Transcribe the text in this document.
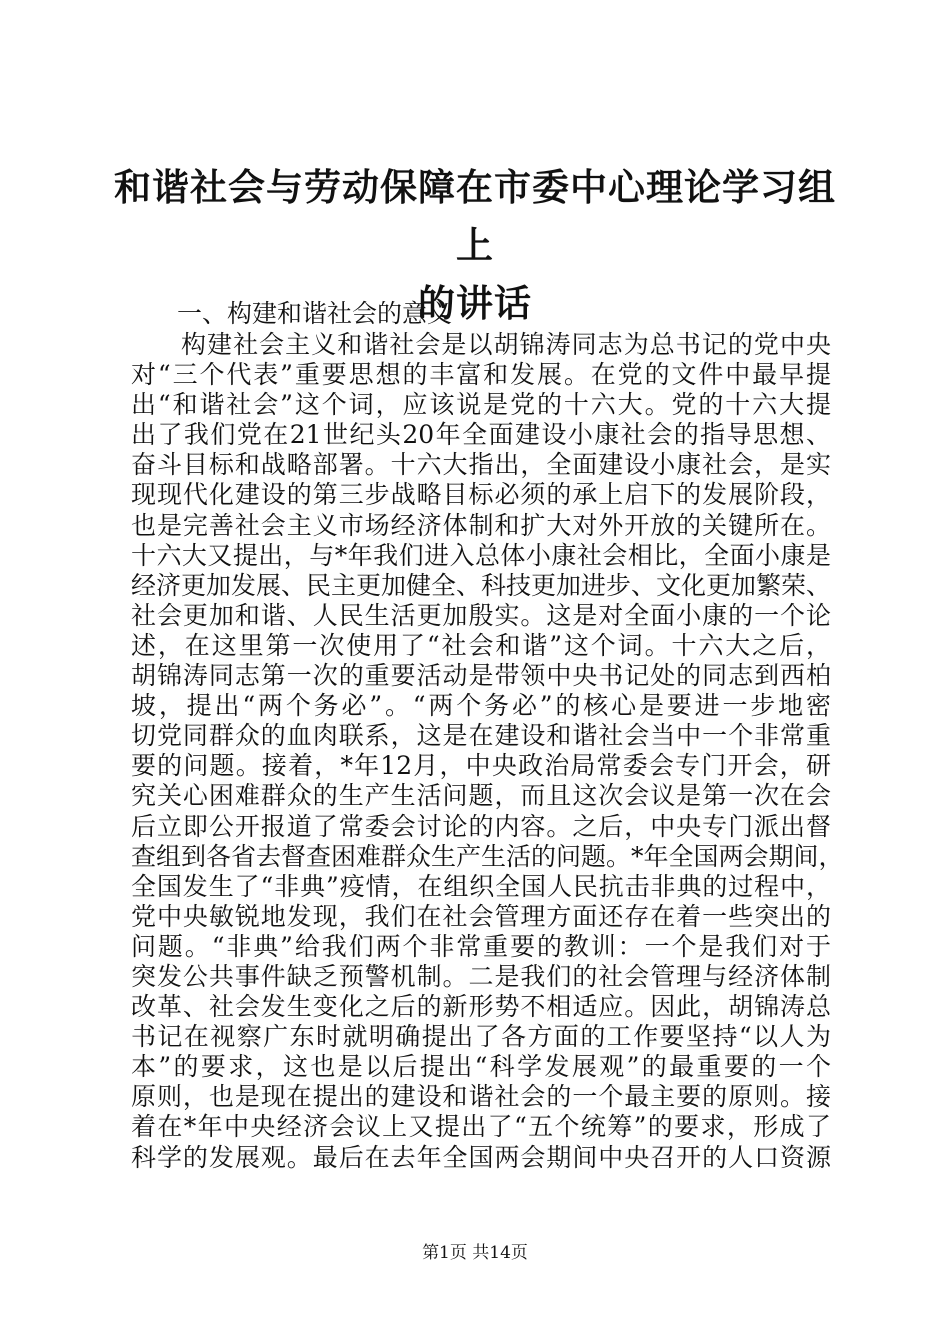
和谐社会与劳动保障在市委中心理论学习组上
的讲话
一、构建和谐社会的意义
构建社会主义和谐社会是以胡锦涛同志为总书记的党中央
对“三个代表”重要思想的丰富和发展。在党的文件中最早提
出“和谐社会”这个词，应该说是党的十六大。党的十六大提
出了我们党在21世纪头20年全面建设小康社会的指导思想、
奋斗目标和战略部署。十六大指出，全面建设小康社会，是实
现现代化建设的第三步战略目标必须的承上启下的发展阶段，
也是完善社会主义市场经济体制和扩大对外开放的关键所在。
十六大又提出，与*年我们进入总体小康社会相比，全面小康是
经济更加发展、民主更加健全、科技更加进步、文化更加繁荣、
社会更加和谐、人民生活更加殷实。这是对全面小康的一个论
述，在这里第一次使用了“社会和谐”这个词。十六大之后，
胡锦涛同志第一次的重要活动是带领中央书记处的同志到西柏
坡，提出“两个务必”。“两个务必”的核心是要进一步地密
切党同群众的血肉联系，这是在建设和谐社会当中一个非常重
要的问题。接着，*年12月，中央政治局常委会专门开会，研
究关心困难群众的生产生活问题，而且这次会议是第一次在会
后立即公开报道了常委会讨论的内容。之后，中央专门派出督
查组到各省去督查困难群众生产生活的问题。*年全国两会期间，
全国发生了“非典”疫情，在组织全国人民抗击非典的过程中，
党中央敏锐地发现，我们在社会管理方面还存在着一些突出的
问题。“非典”给我们两个非常重要的教训：一个是我们对于
突发公共事件缺乏预警机制。二是我们的社会管理与经济体制
改革、社会发生变化之后的新形势不相适应。因此，胡锦涛总
书记在视察广东时就明确提出了各方面的工作要坚持“以人为
本”的要求，这也是以后提出“科学发展观”的最重要的一个
原则，也是现在提出的建设和谐社会的一个最主要的原则。接
着在*年中央经济会议上又提出了“五个统筹”的要求，形成了
科学的发展观。最后在去年全国两会期间中央召开的人口资源
第1页 共14页
